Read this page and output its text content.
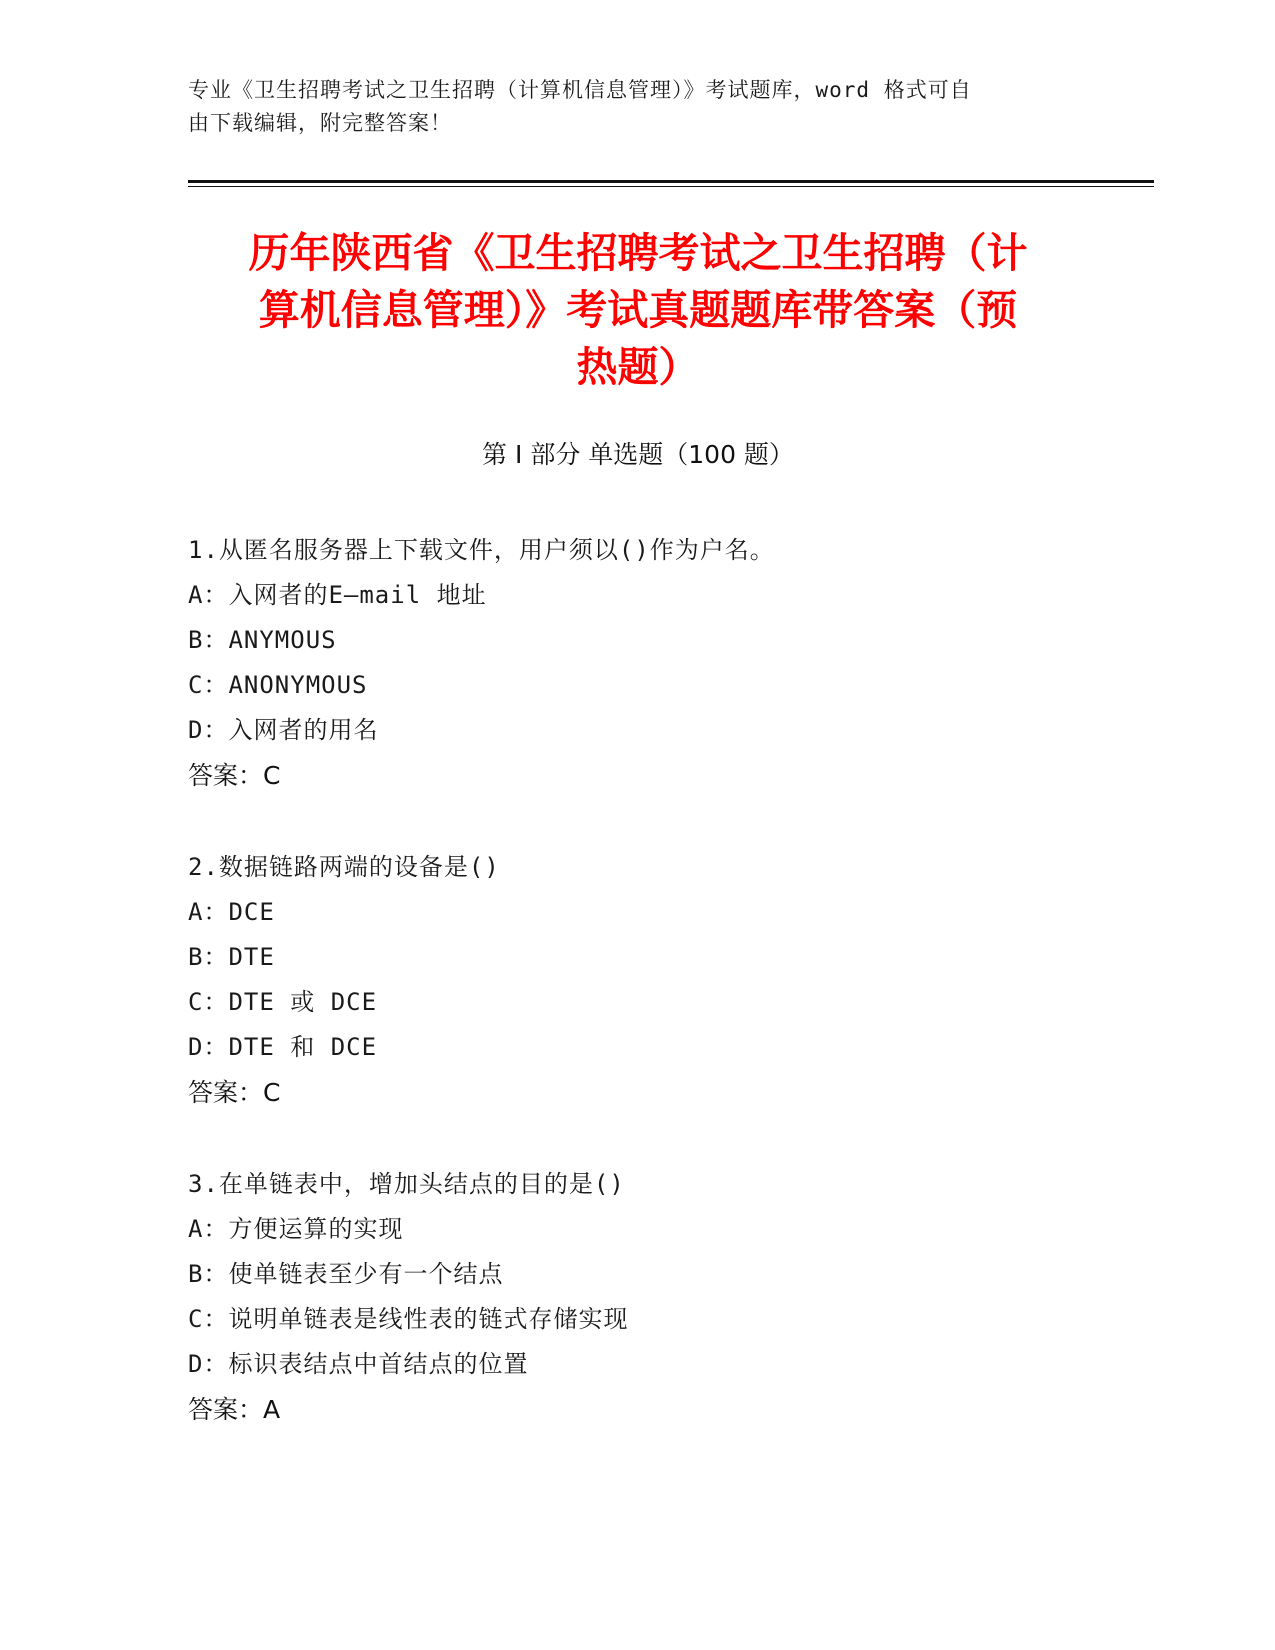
专业《卫生招聘考试之卫生招聘（计算机信息管理）》考试题库，word 格式可自
由下载编辑，附完整答案！
历年陕西省《卫生招聘考试之卫生招聘（计
算机信息管理）》考试真题题库带答案（预
热题）
第 I 部分 单选题（100 题）
1.从匿名服务器上下载文件，用户须以()作为户名。
A：入网者的E—mail 地址
B：ANYMOUS
C：ANONYMOUS
D：入网者的用名
答案：C
2.数据链路两端的设备是()
A：DCE
B：DTE
C：DTE 或 DCE
D：DTE 和 DCE
答案：C
3.在单链表中，增加头结点的目的是()
A：方便运算的实现
B：使单链表至少有一个结点
C：说明单链表是线性表的链式存储实现
D：标识表结点中首结点的位置
答案：A
